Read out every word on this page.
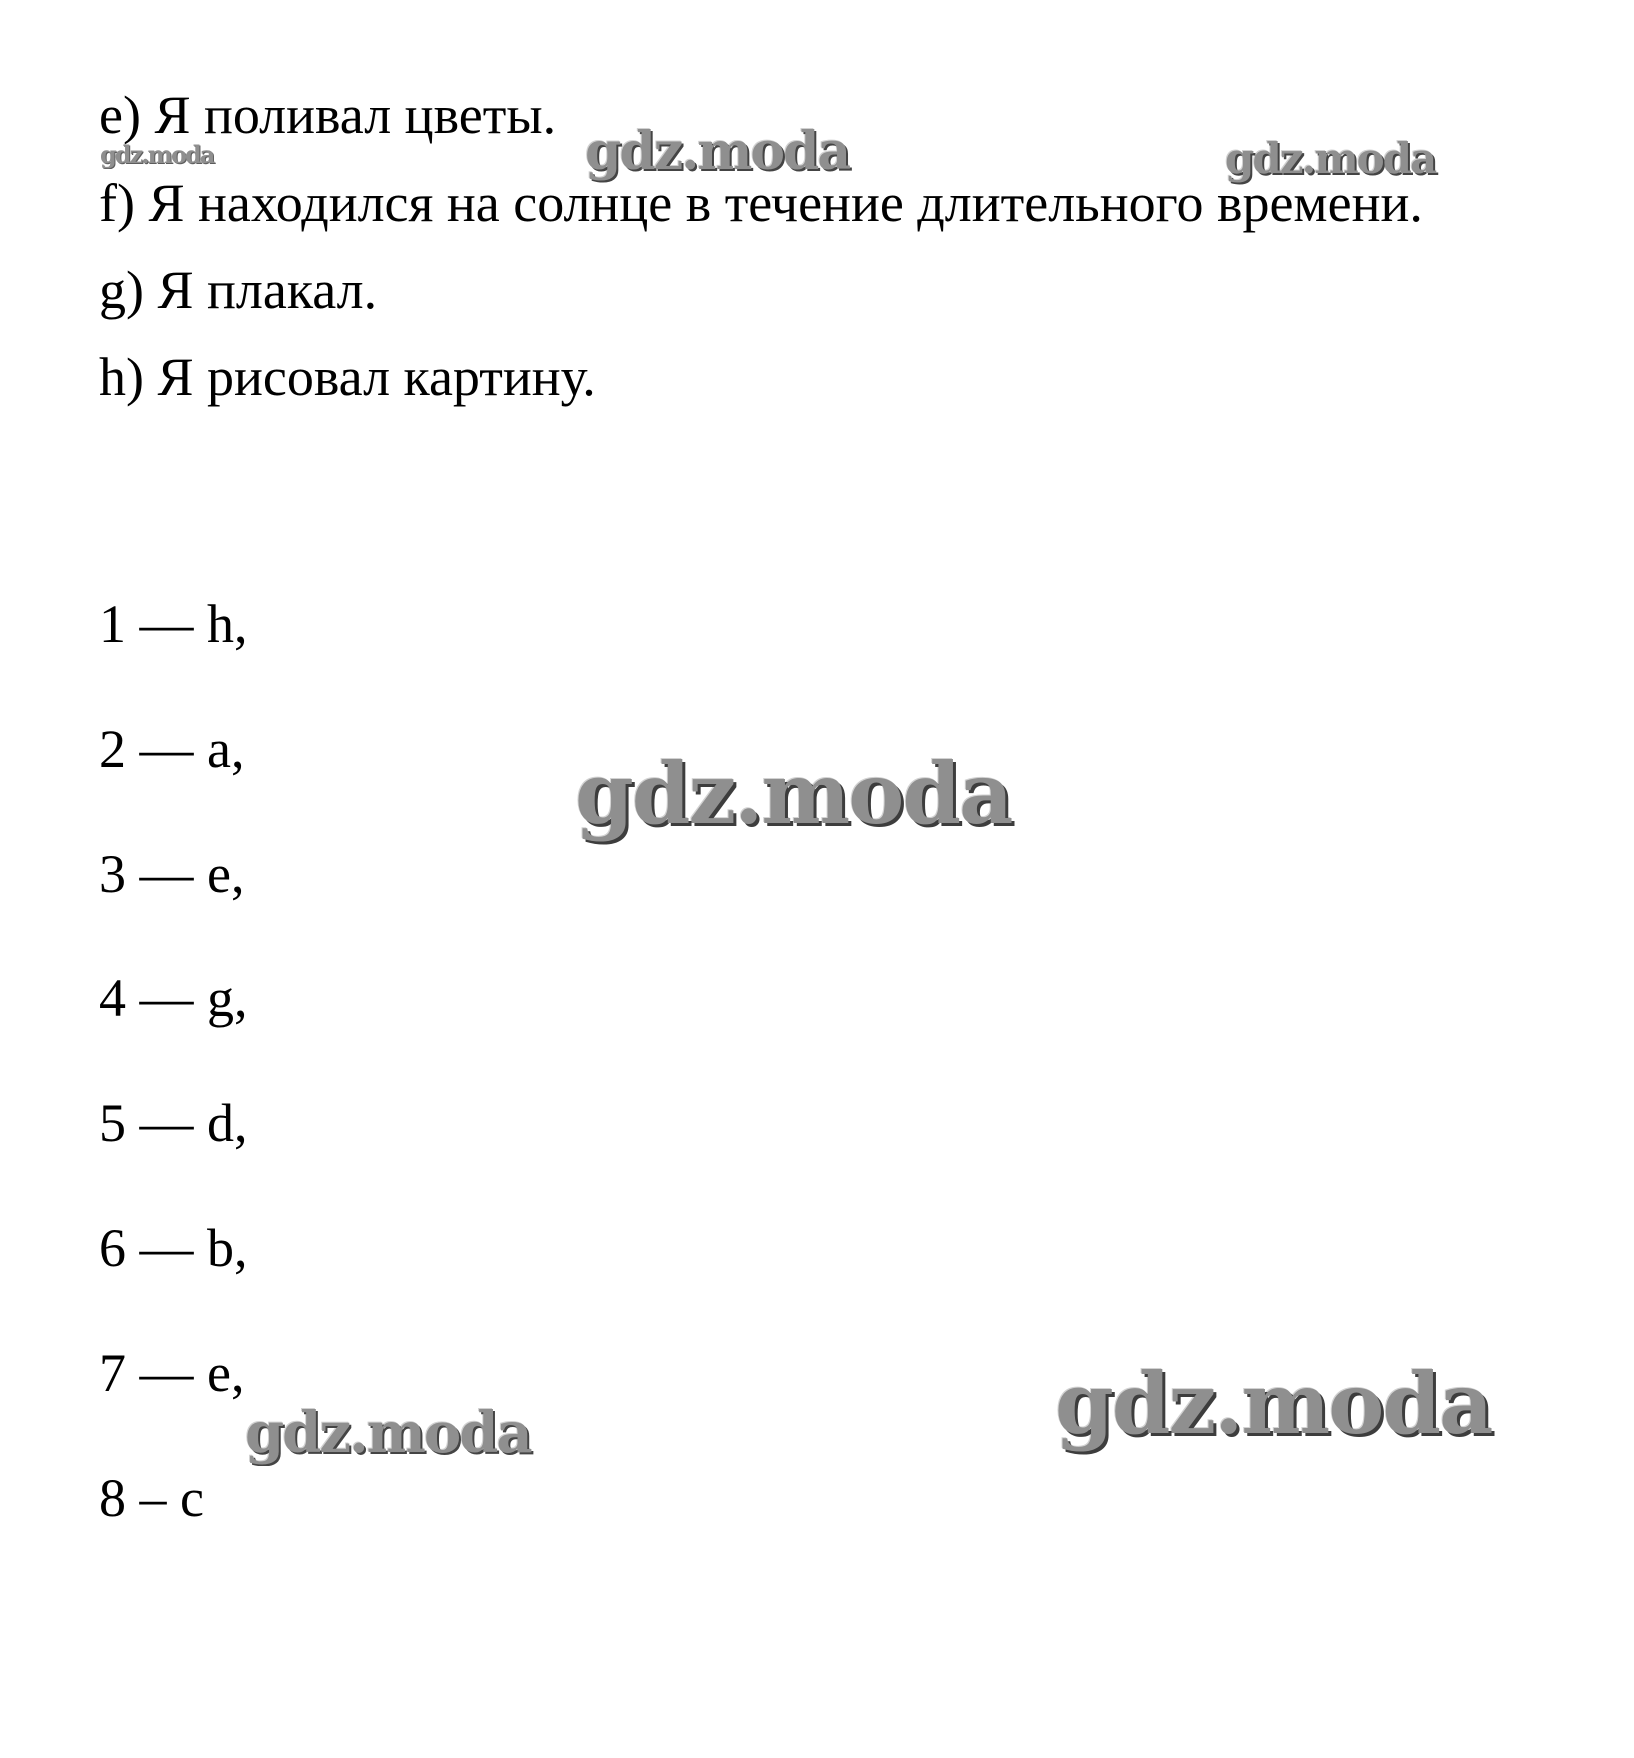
e) Я поливал цветы.
f) Я находился на солнце в течение длительного времени.
g) Я плакал.
h) Я рисовал картину.
1 — h,
2 — a,
3 — e,
4 — g,
5 — d,
6 — b,
7 — e,
8 – c
gdz.moda	gdz.moda	gdz.moda
gdz.moda
gdz.moda	gdz.moda
